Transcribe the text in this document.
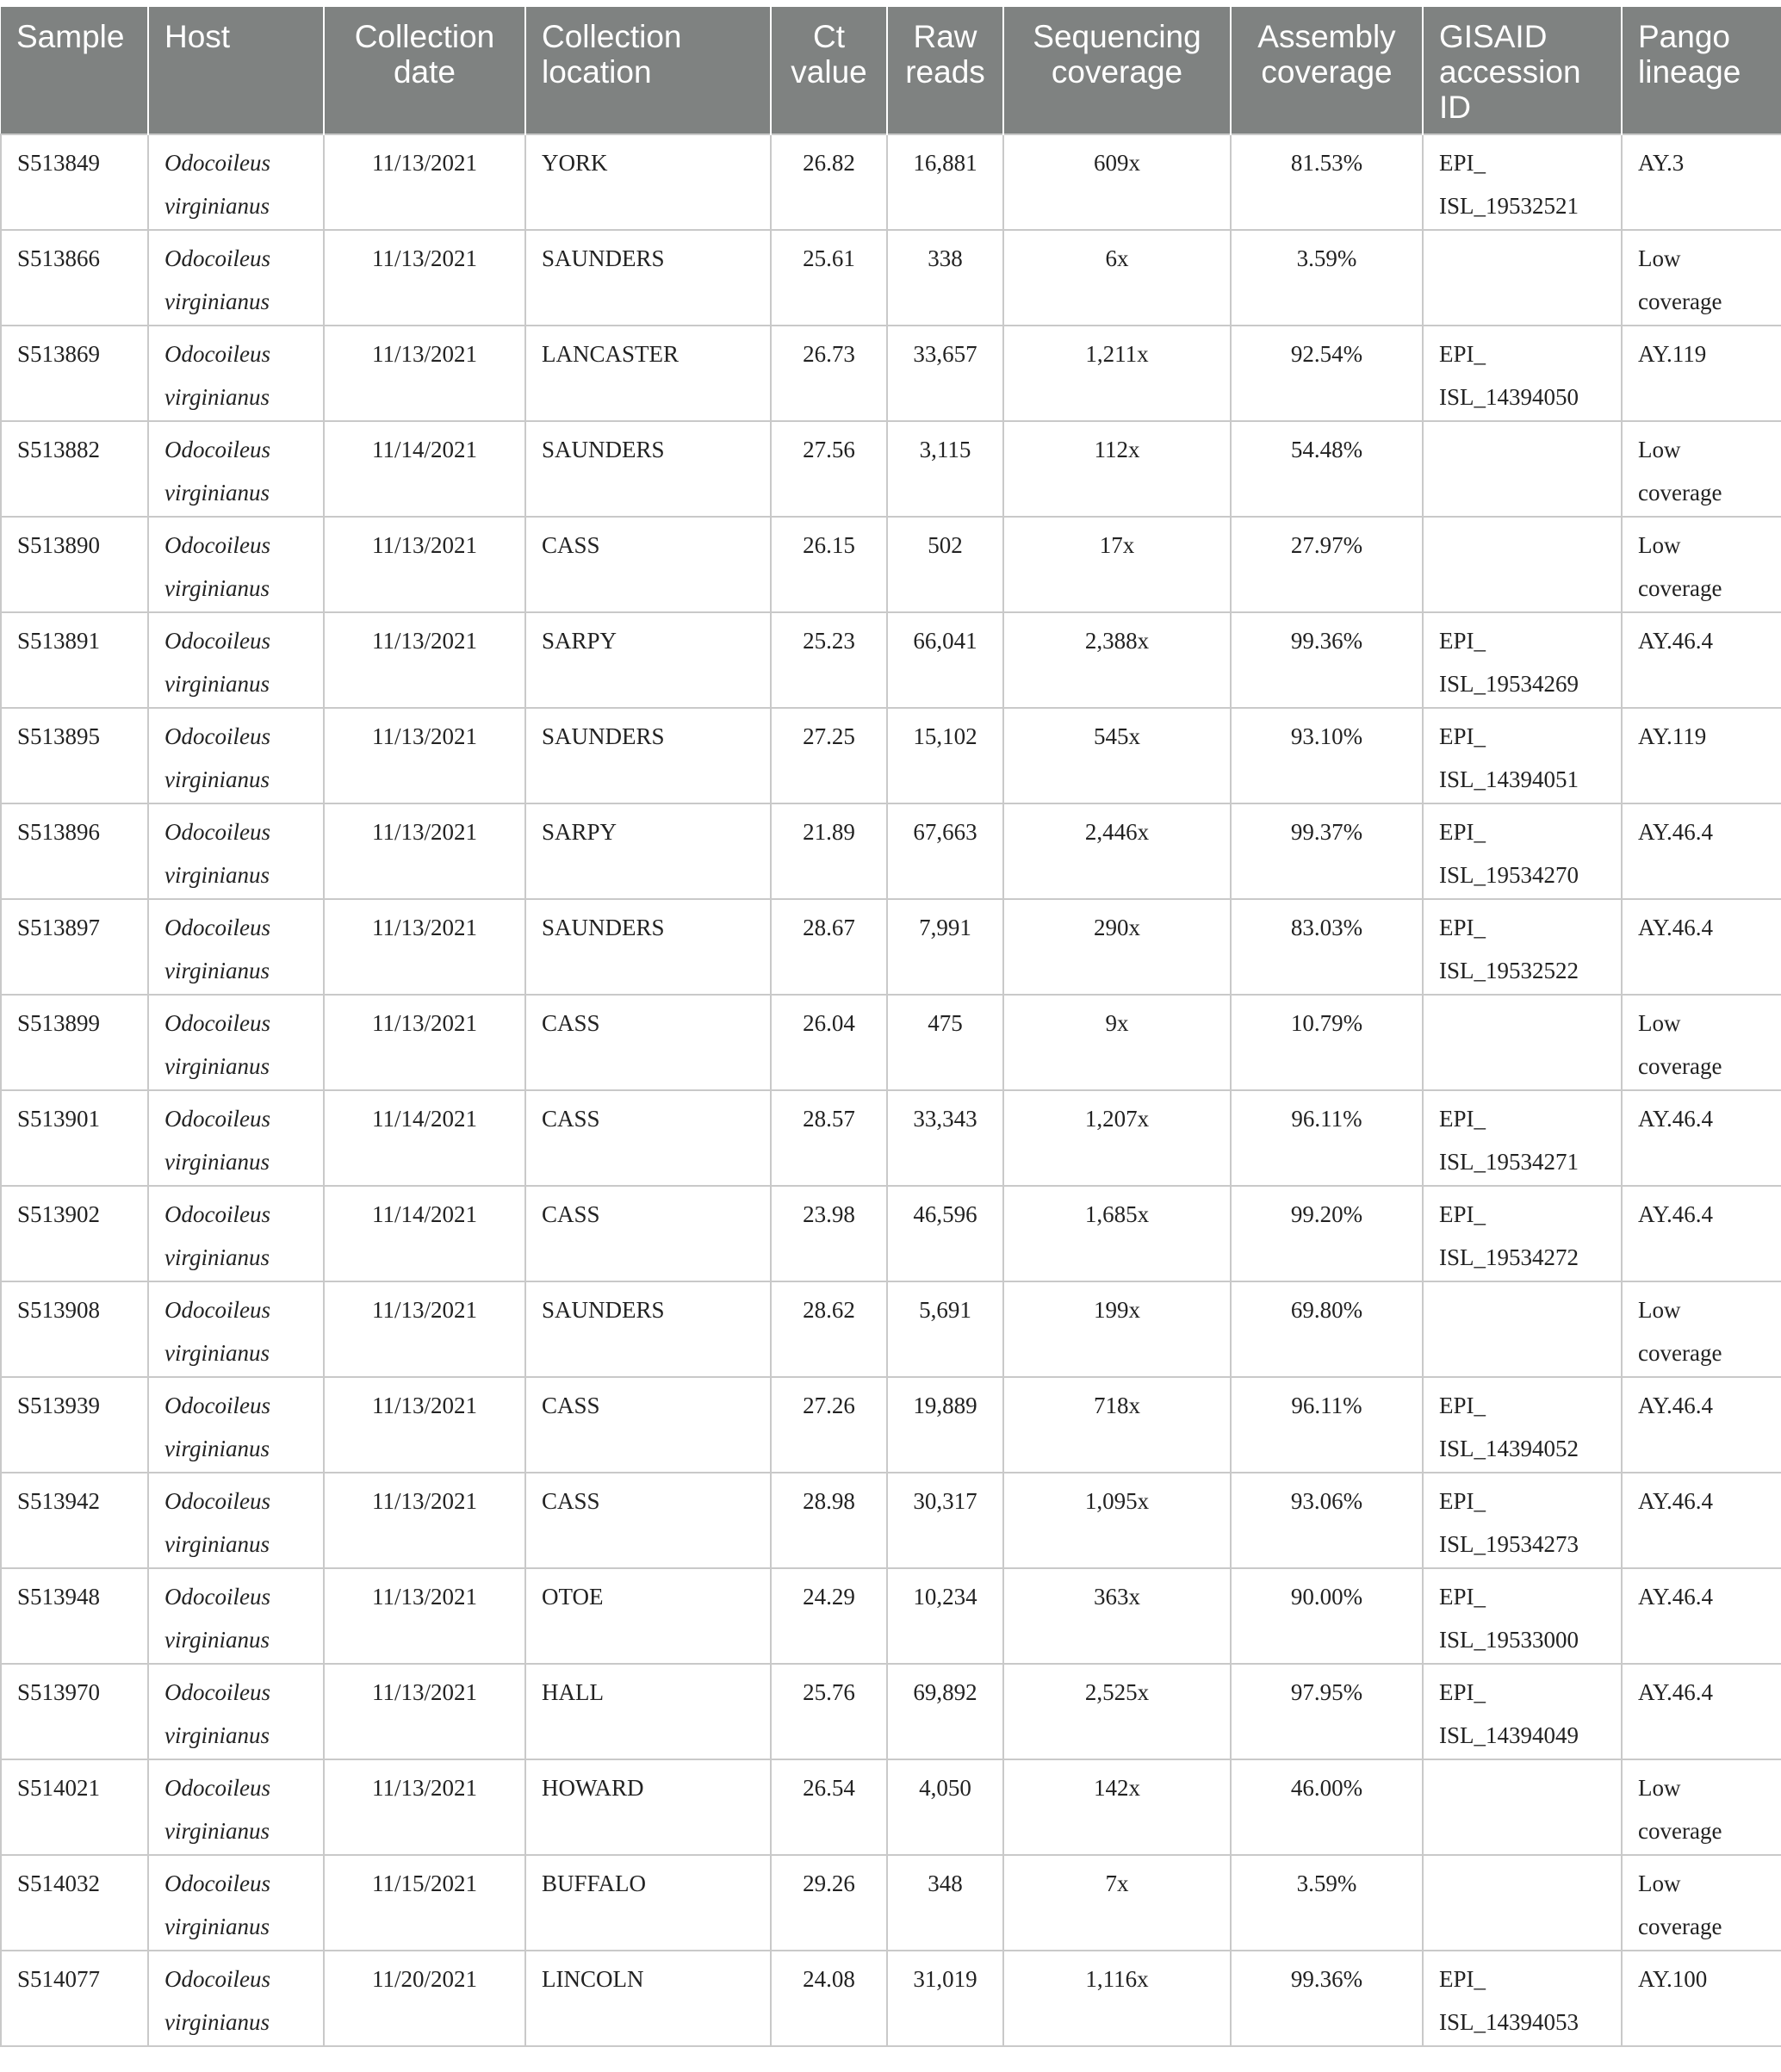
Sample	Host	Collection date	Collection location	Ct value	Raw reads	Sequencing coverage	Assembly coverage	GISAID accession ID	Pango lineage
S513849	Odocoileus virginianus	11/13/2021	YORK	26.82	16,881	609x	81.53%	EPI_ ISL_19532521	AY.3
S513866	Odocoileus virginianus	11/13/2021	SAUNDERS	25.61	338	6x	3.59%		Low coverage
S513869	Odocoileus virginianus	11/13/2021	LANCASTER	26.73	33,657	1,211x	92.54%	EPI_ ISL_14394050	AY.119
S513882	Odocoileus virginianus	11/14/2021	SAUNDERS	27.56	3,115	112x	54.48%		Low coverage
S513890	Odocoileus virginianus	11/13/2021	CASS	26.15	502	17x	27.97%		Low coverage
S513891	Odocoileus virginianus	11/13/2021	SARPY	25.23	66,041	2,388x	99.36%	EPI_ ISL_19534269	AY.46.4
S513895	Odocoileus virginianus	11/13/2021	SAUNDERS	27.25	15,102	545x	93.10%	EPI_ ISL_14394051	AY.119
S513896	Odocoileus virginianus	11/13/2021	SARPY	21.89	67,663	2,446x	99.37%	EPI_ ISL_19534270	AY.46.4
S513897	Odocoileus virginianus	11/13/2021	SAUNDERS	28.67	7,991	290x	83.03%	EPI_ ISL_19532522	AY.46.4
S513899	Odocoileus virginianus	11/13/2021	CASS	26.04	475	9x	10.79%		Low coverage
S513901	Odocoileus virginianus	11/14/2021	CASS	28.57	33,343	1,207x	96.11%	EPI_ ISL_19534271	AY.46.4
S513902	Odocoileus virginianus	11/14/2021	CASS	23.98	46,596	1,685x	99.20%	EPI_ ISL_19534272	AY.46.4
S513908	Odocoileus virginianus	11/13/2021	SAUNDERS	28.62	5,691	199x	69.80%		Low coverage
S513939	Odocoileus virginianus	11/13/2021	CASS	27.26	19,889	718x	96.11%	EPI_ ISL_14394052	AY.46.4
S513942	Odocoileus virginianus	11/13/2021	CASS	28.98	30,317	1,095x	93.06%	EPI_ ISL_19534273	AY.46.4
S513948	Odocoileus virginianus	11/13/2021	OTOE	24.29	10,234	363x	90.00%	EPI_ ISL_19533000	AY.46.4
S513970	Odocoileus virginianus	11/13/2021	HALL	25.76	69,892	2,525x	97.95%	EPI_ ISL_14394049	AY.46.4
S514021	Odocoileus virginianus	11/13/2021	HOWARD	26.54	4,050	142x	46.00%		Low coverage
S514032	Odocoileus virginianus	11/15/2021	BUFFALO	29.26	348	7x	3.59%		Low coverage
S514077	Odocoileus virginianus	11/20/2021	LINCOLN	24.08	31,019	1,116x	99.36%	EPI_ ISL_14394053	AY.100
